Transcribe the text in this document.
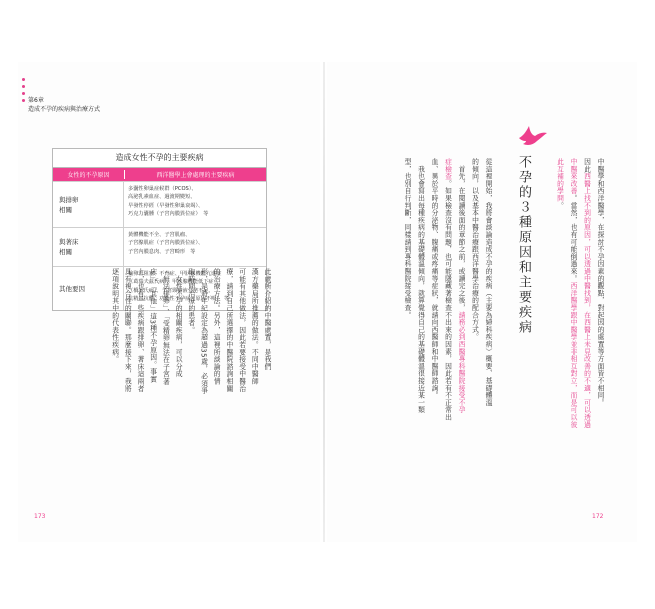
第6章
造成不孕的疾病與治療方式
造成女性不孕的主要疾病
女性的不孕原因	西洋醫學上會處理的主要疾病
與排卵
相關
多囊性卵巢症候群（PCOS）、
高泌乳素血症、過渡期變短、
早發性停經（早發性卵巢衰竭）、
巧克力囊腫（子宮內膜異位症）　等
與著床
相關
黃體機能不全、子宮肌瘤、
子宮腺肌症（子宮內膜異位症）、
子宮內膜息肉、子宮畸形　等
其他要因
輸卵管阻塞、不育症、甲狀腺機能亢進症
（葛瑞夫茲氏病）、甲狀腺機能低下症
（橋本氏病）、子宮頸黏液分泌不足、
抗精蟲抗體、功能性不孕症（原因不明）　等	此處所介紹的中醫處置，是我們
漢方藥局所推薦的做法。不同中醫師
可能有其他做法，因此若要接受中醫治
療，請到自己所選擇的中醫院諮詢相關
的治療方法。另外，這裡所談論的情
形，是將年紀設定為超過35歲，必須爭
取時間治療的患者。
　女性不孕的相關疾病，可以分成
「無法排卵」、「受精卵無法在子宮著
床」、「其他」這3種不孕原因。事實
上，也有一些疾病跟排卵、著床這兩者
具有複合性的關聯。那麼接下來，我將
逐項說明其中的代表性疾病。	中醫學和西洋醫學，在探討不孕因素的觀點，對起因的處置等方面皆不相同。
因此西醫上找不到的原因，可以透過中醫找到，在西醫上未見改善的不適，可以透過
中醫來改善。當然，也有可能倒過來。西洋醫學跟中醫學並非相互對立，而是可以彼
此互補的學問。
從這裡開始，我將會談論造成不孕的疾病（主要為婦科疾病）概要、基礎體溫
的傾向，以及基本中醫治療跟西洋醫學治療的配合方式。
　首先，在閱讀後面的章節之前，或讀完之後，請務必到西醫專科醫院接受不孕
症檢查。如果檢查沒有問題，也可能隱藏著檢查不出來的因素，因此若有不正常出
血、異於平時的分泌物、腹痛或疼痛等症狀，就請向西醫師和中醫師諮詢。
　我也會寫出每種疾病的基礎體溫傾向，就算覺得自己的基礎體溫很接近某一類
型，也別自行判斷，同樣請到專科醫院接受檢查。	不孕的３種原因和主要疾病
173	172
